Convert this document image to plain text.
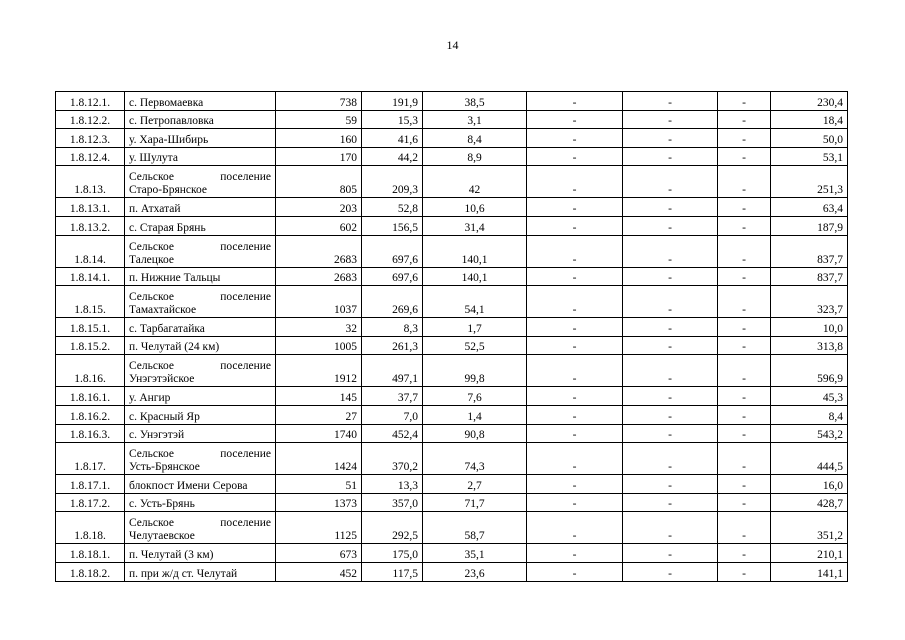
14
1.8.12.1.	с. Первомаевка	738	191,9	38,5	-	-	-	230,4
1.8.12.2.	с. Петропавловка	59	15,3	3,1	-	-	-	18,4
1.8.12.3.	у. Хара-Шибирь	160	41,6	8,4	-	-	-	50,0
1.8.12.4.	у. Шулута	170	44,2	8,9	-	-	-	53,1
1.8.13.	Сельское поселение
Старо-Брянское	805	209,3	42	-	-	-	251,3
1.8.13.1.	п. Атхатай	203	52,8	10,6	-	-	-	63,4
1.8.13.2.	с. Старая Брянь	602	156,5	31,4	-	-	-	187,9
1.8.14.	Сельское поселение
Талецкое	2683	697,6	140,1	-	-	-	837,7
1.8.14.1.	п. Нижние Тальцы	2683	697,6	140,1	-	-	-	837,7
1.8.15.	Сельское поселение
Тамахтайское	1037	269,6	54,1	-	-	-	323,7
1.8.15.1.	с. Тарбагатайка	32	8,3	1,7	-	-	-	10,0
1.8.15.2.	п. Челутай (24 км)	1005	261,3	52,5	-	-	-	313,8
1.8.16.	Сельское поселение
Унэгэтэйское	1912	497,1	99,8	-	-	-	596,9
1.8.16.1.	у. Ангир	145	37,7	7,6	-	-	-	45,3
1.8.16.2.	с. Красный Яр	27	7,0	1,4	-	-	-	8,4
1.8.16.3.	с. Унэгэтэй	1740	452,4	90,8	-	-	-	543,2
1.8.17.	Сельское поселение
Усть-Брянское	1424	370,2	74,3	-	-	-	444,5
1.8.17.1.	блокпост Имени Серова	51	13,3	2,7	-	-	-	16,0
1.8.17.2.	с. Усть-Брянь	1373	357,0	71,7	-	-	-	428,7
1.8.18.	Сельское поселение
Челутаевское	1125	292,5	58,7	-	-	-	351,2
1.8.18.1.	п. Челутай (3 км)	673	175,0	35,1	-	-	-	210,1
1.8.18.2.	п. при ж/д ст. Челутай	452	117,5	23,6	-	-	-	141,1
